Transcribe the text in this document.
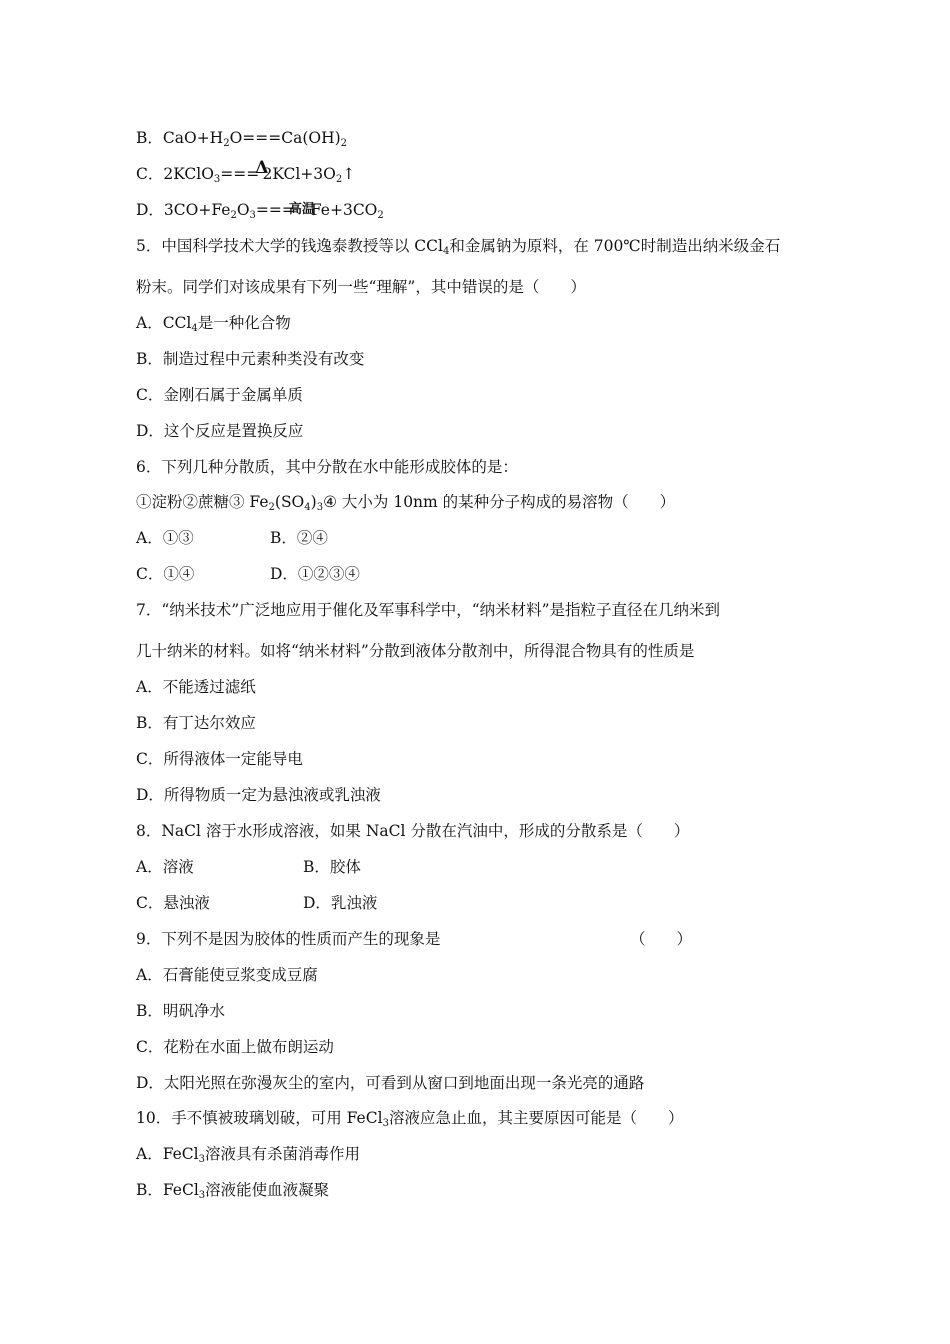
B．$CaO+H_2O===Ca(OH)_2$
C．$2KClO_3===\Delta 2KCl+3O_2↑$
D．$3CO+Fe_2O_3===$高温$Fe+3CO_2$
5．中国科学技术大学的钱逸泰教授等以 CCl$_4$和金属钠为原料，在 700℃时制造出纳米级金石
粉末。同学们对该成果有下列一些“理解”，其中错误的是（　　）
A．CCl$_4$是一种化合物
B．制造过程中元素种类没有改变
C．金刚石属于金属单质
D．这个反应是置换反应
6．下列几种分散质，其中分散在水中能形成胶体的是：
①淀粉②蔗糖③ $Fe_2(SO_4)_3④$ 大小为 10nm 的某种分子构成的易溶物（　　）
A．①③	B．②④
C．①④	D．①②③④
7．“纳米技术”广泛地应用于催化及军事科学中，“纳米材料”是指粒子直径在几纳米到
几十纳米的材料。如将“纳米材料”分散到液体分散剂中，所得混合物具有的性质是
A．不能透过滤纸
B．有丁达尔效应
C．所得液体一定能导电
D．所得物质一定为悬浊液或乳浊液
8．NaCl 溶于水形成溶液，如果 NaCl 分散在汽油中，形成的分散系是（　　）
A．溶液	B．胶体
C．悬浊液	D．乳浊液
9．下列不是因为胶体的性质而产生的现象是	（　　）
A．石膏能使豆浆变成豆腐
B．明矾净水
C．花粉在水面上做布朗运动
D．太阳光照在弥漫灰尘的室内，可看到从窗口到地面出现一条光亮的通路
10．手不慎被玻璃划破，可用 FeCl$_3$溶液应急止血，其主要原因可能是（　　）
A．FeCl$_3$溶液具有杀菌消毒作用
B．FeCl$_3$溶液能使血液凝聚
